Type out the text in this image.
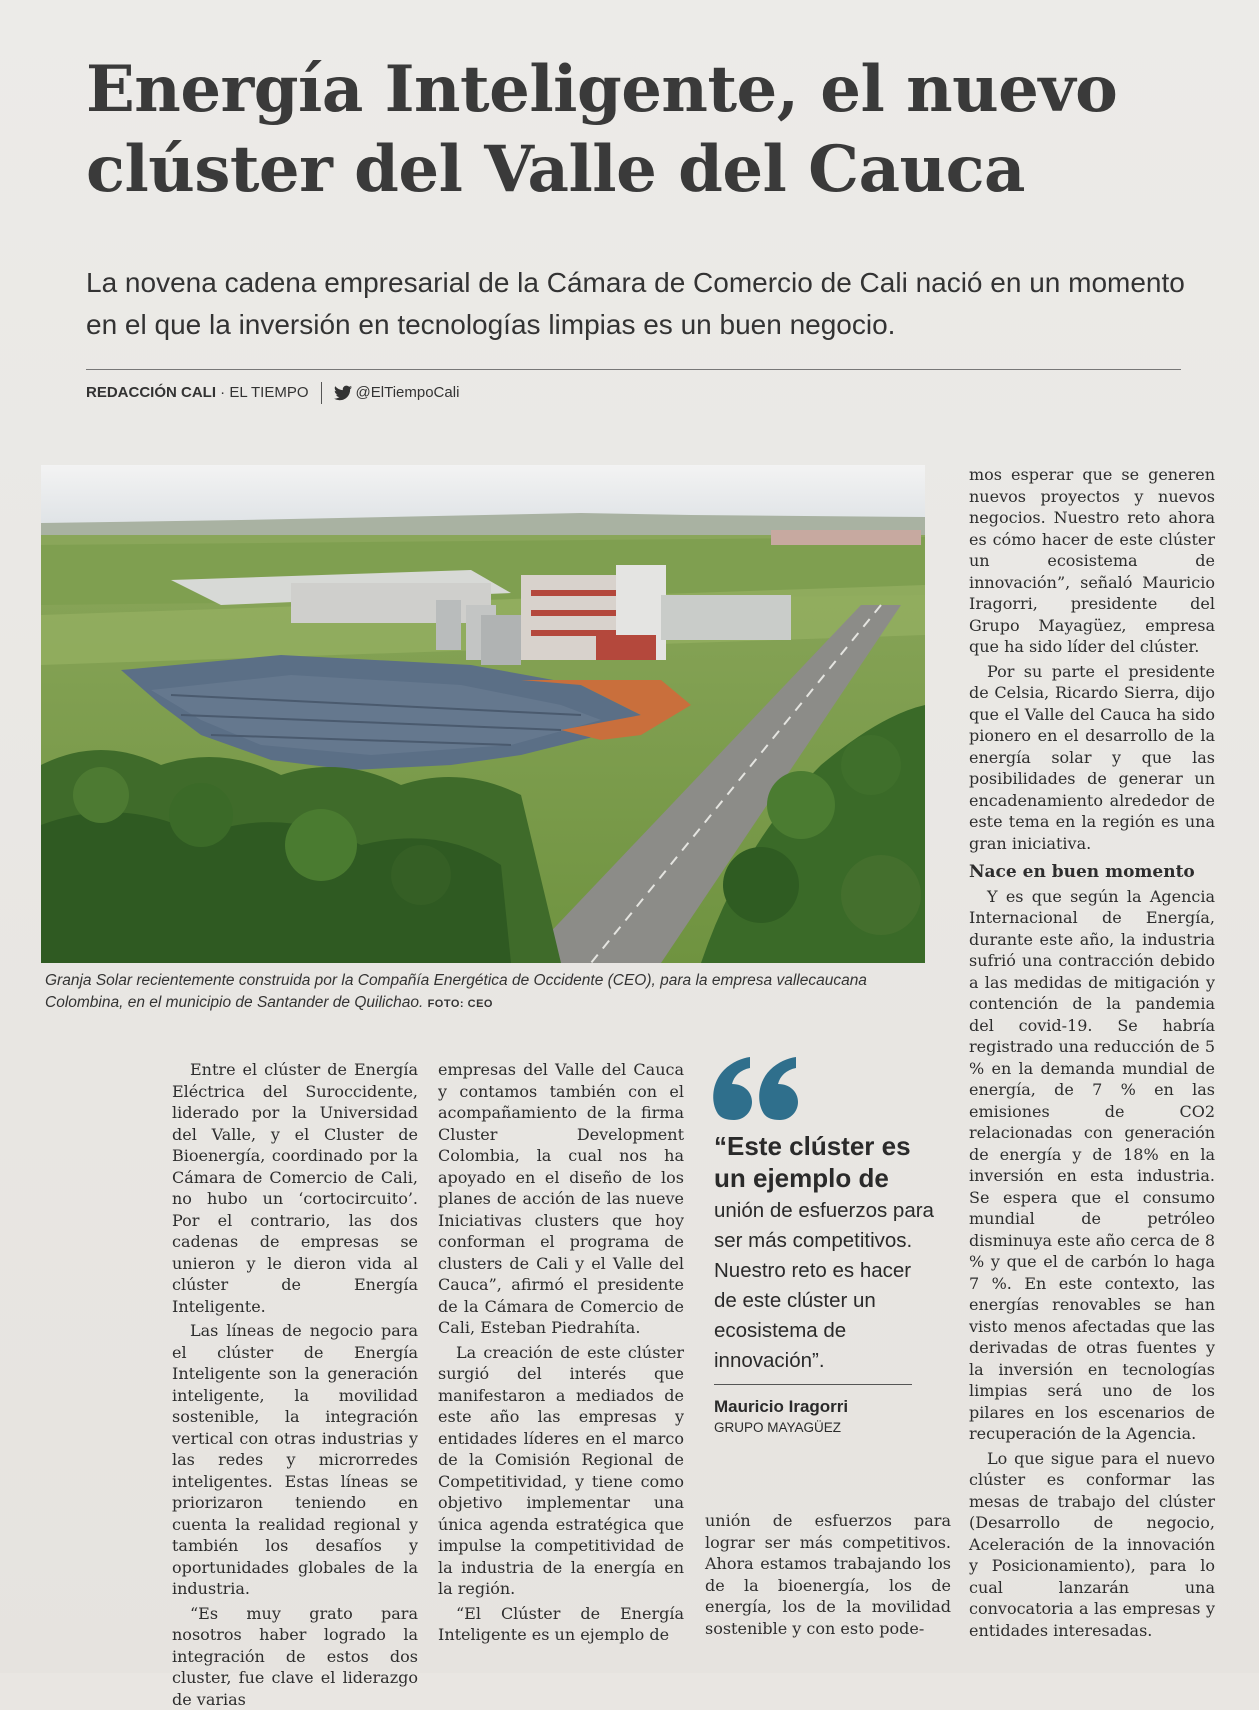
Energía Inteligente, el nuevo
clúster del Valle del Cauca
La novena cadena empresarial de la Cámara de Comercio de Cali nació en un momento en el que la inversión en tecnologías limpias es un buen negocio.
REDACCIÓN CALI
· EL TIEMPO	@ElTiempoCali
Granja Solar recientemente construida por la Compañía Energética de Occidente (CEO), para la empresa vallecaucana Colombina, en el municipio de Santander de Quilichao. FOTO: CEO

mos esperar que se generen nuevos proyectos y nuevos negocios. Nuestro reto ahora es cómo hacer de este clúster un ecosistema de innovación”, señaló Mauricio Iragorri, presidente del Grupo Mayagüez, empresa que ha sido líder del clúster.

Por su parte el presidente de Celsia, Ricardo Sierra, dijo que el Valle del Cauca ha sido pionero en el desarrollo de la energía solar y que las posibilidades de generar un encadenamiento alrededor de este tema en la región es una gran iniciativa.

Nace en buen momento

Y es que según la Agencia Internacional de Energía, durante este año, la industria sufrió una contracción debido a las medidas de mitigación y contención de la pandemia del covid-19. Se habría registrado una reducción de 5 % en la demanda mundial de energía, de 7 % en las emisiones de CO2 relacionadas con generación de energía y de 18% en la inversión en esta industria. Se espera que el consumo mundial de petróleo disminuya este año cerca de 8 % y que el de carbón lo haga 7 %. En este contexto, las energías renovables se han visto menos afectadas que las derivadas de otras fuentes y la inversión en tecnologías limpias será uno de los pilares en los escenarios de recuperación de la Agencia.

Lo que sigue para el nuevo clúster es conformar las mesas de trabajo del clúster (Desarrollo de negocio, Aceleración de la innovación y Posicionamiento), para lo cual lanzarán una convocatoria a las empresas y entidades interesadas.

Entre el clúster de Energía Eléctrica del Suroccidente, liderado por la Universidad del Valle, y el Cluster de Bioenergía, coordinado por la Cámara de Comercio de Cali, no hubo un ‘cortocircuito’. Por el contrario, las dos cadenas de empresas se unieron y le dieron vida al clúster de Energía Inteligente.

Las líneas de negocio para el clúster de Energía Inteligente son la generación inteligente, la movilidad sostenible, la integración vertical con otras industrias y las redes y microrredes inteligentes. Estas líneas se priorizaron teniendo en cuenta la realidad regional y también los desafíos y oportunidades globales de la industria.

“Es muy grato para nosotros haber logrado la integración de estos dos cluster, fue clave el liderazgo de varias

empresas del Valle del Cauca y contamos también con el acompañamiento de la firma Cluster Development Colombia, la cual nos ha apoyado en el diseño de los planes de acción de las nueve Iniciativas clusters que hoy conforman el programa de clusters de Cali y el Valle del Cauca”, afirmó el presidente de la Cámara de Comercio de Cali, Esteban Piedrahíta.

La creación de este clúster surgió del interés que manifestaron a mediados de este año las empresas y entidades líderes en el marco de la Comisión Regional de Competitividad, y tiene como objetivo implementar una única agenda estratégica que impulse la competitividad de la industria de la energía en la región.

“El Clúster de Energía Inteligente es un ejemplo de

“Este clúster es un ejemplo de
unión de esfuerzos para ser más competitivos. Nuestro reto es hacer de este clúster un ecosistema de innovación”.
Mauricio Iragorri
GRUPO MAYAGÜEZ

unión de esfuerzos para lograr ser más competitivos. Ahora estamos trabajando los de la bioenergía, los de energía, los de la movilidad sostenible y con esto pode-
